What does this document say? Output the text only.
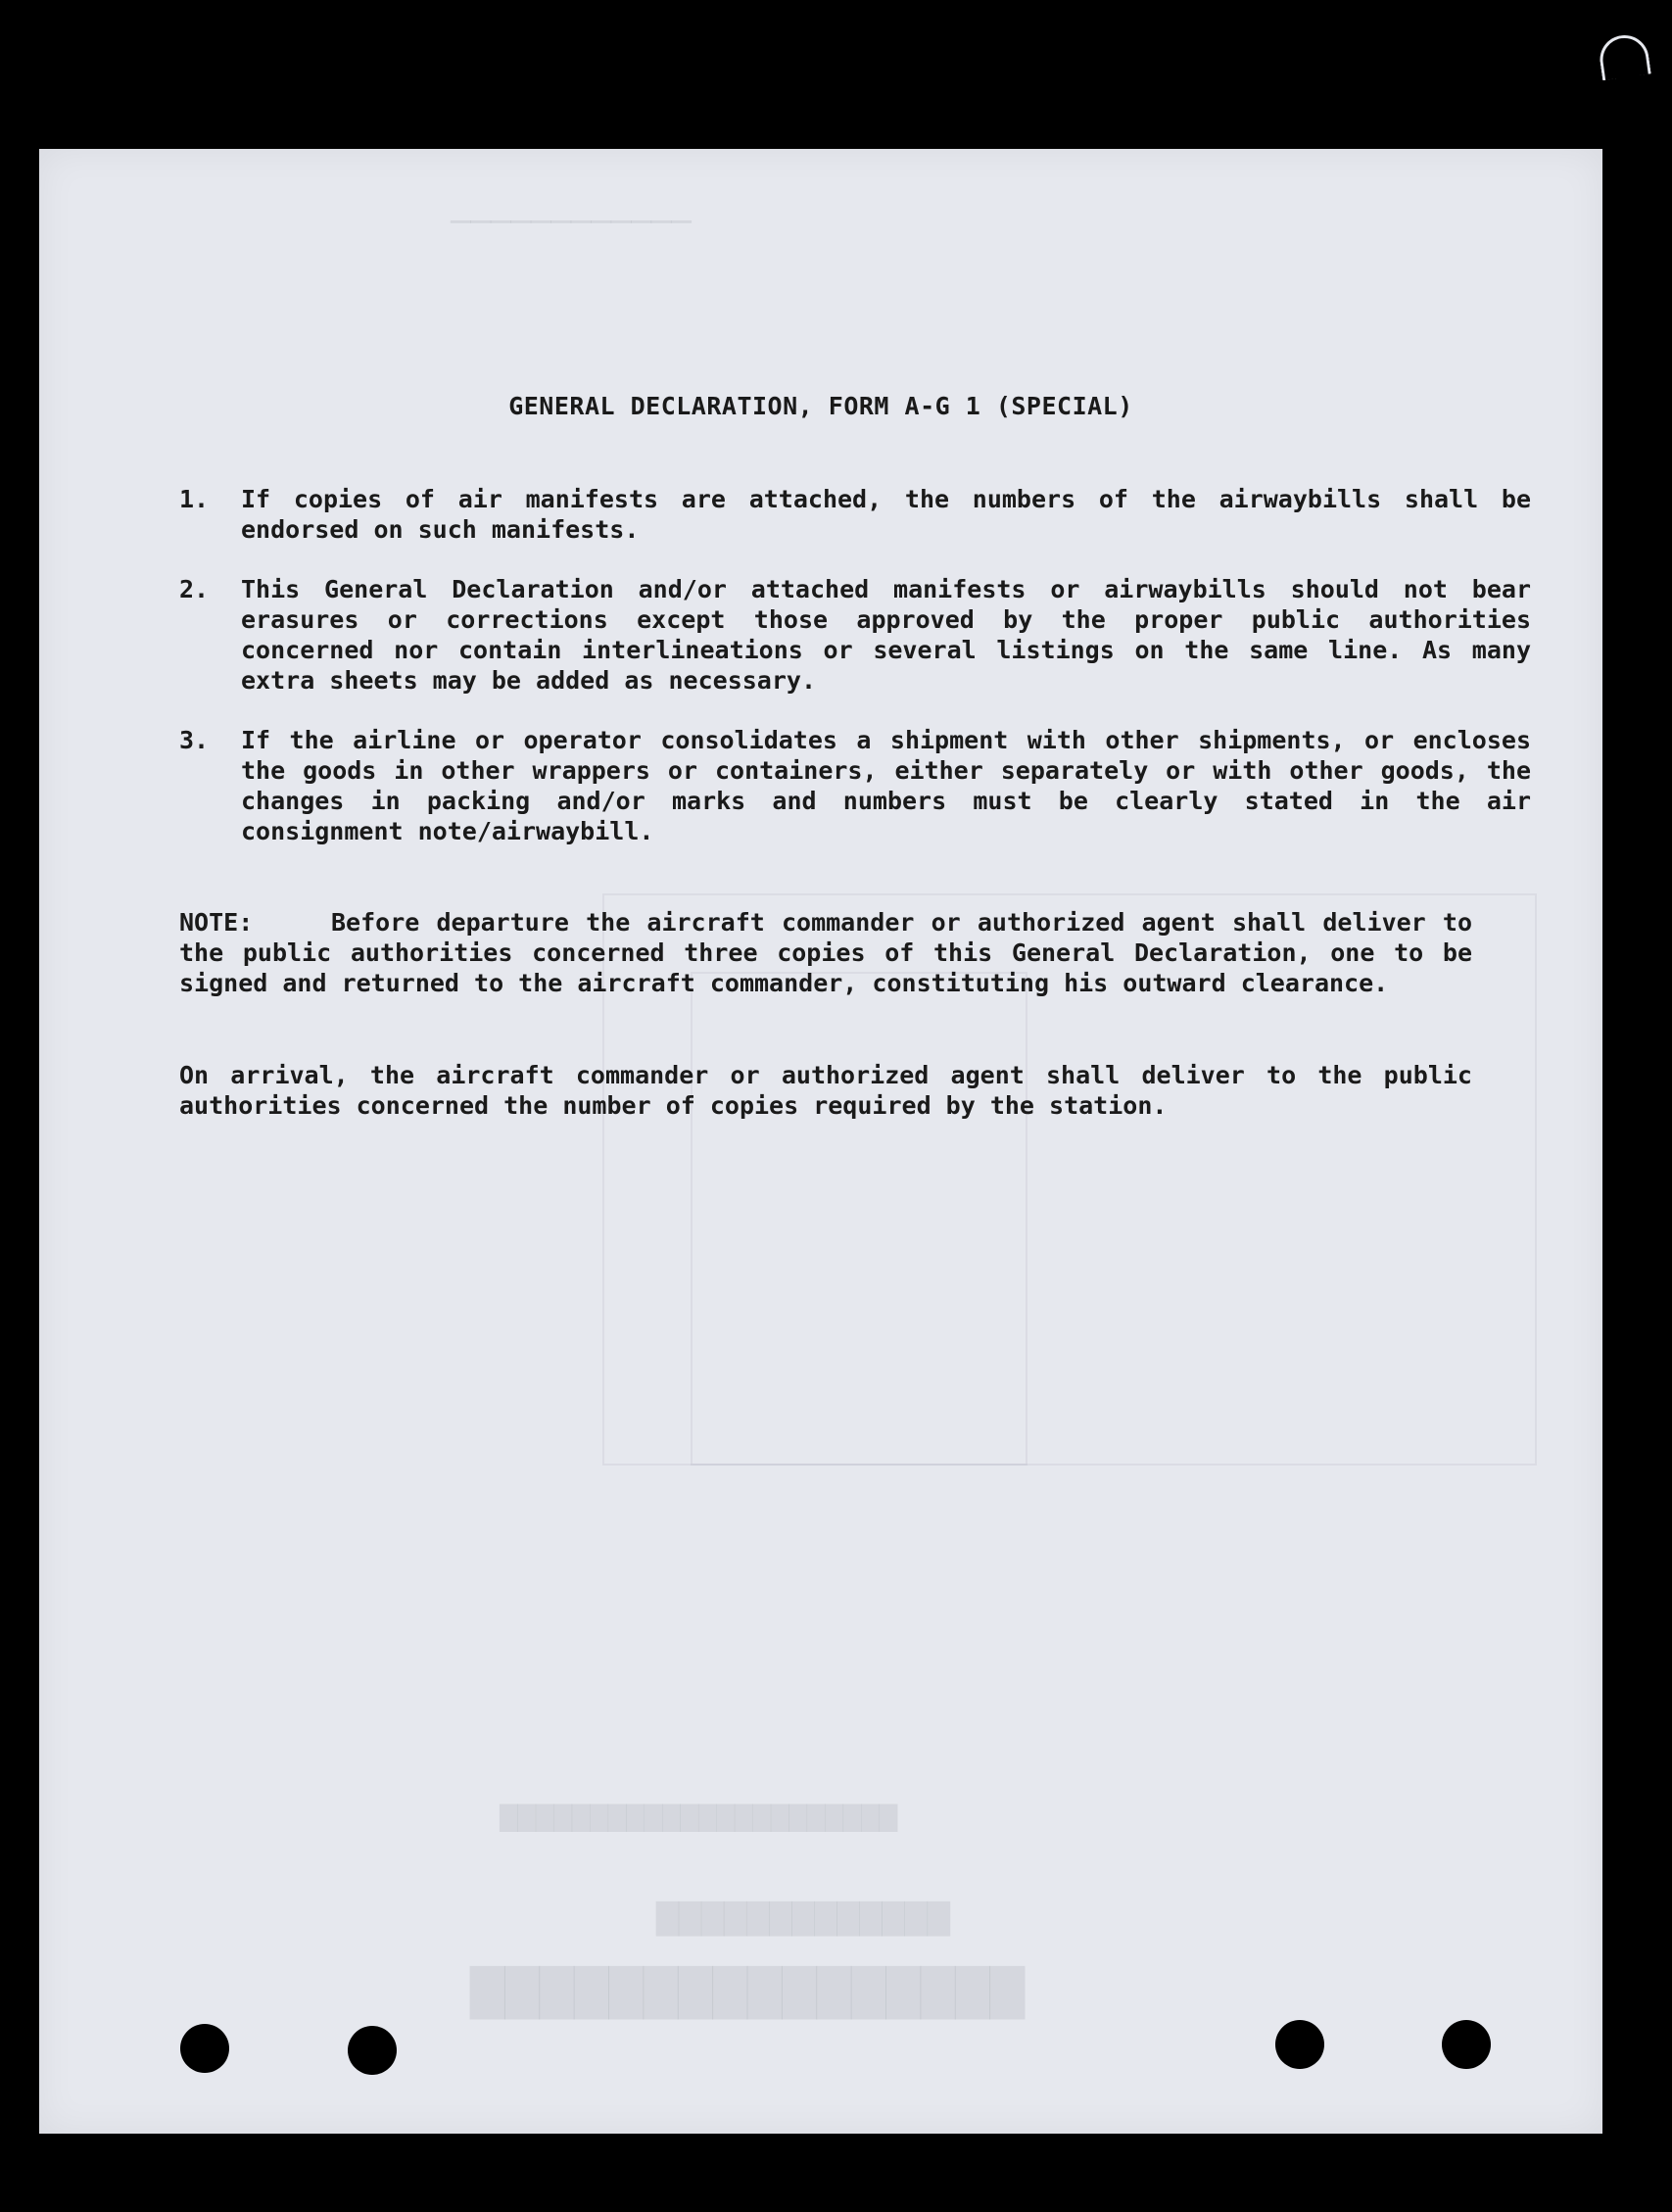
────────────
████████████████
█████████████
██████████████████████
GENERAL DECLARATION, FORM A-G 1 (SPECIAL)
1.	If copies of air manifests are attached, the numbers of the airwaybills shall be endorsed on such manifests.
2.	This General Declaration and/or attached manifests or airwaybills should not bear erasures or corrections except those approved by the proper public authorities concerned nor contain interlineations or several listings on the same line. As many extra sheets may be added as necessary.
3.	If the airline or operator consolidates a shipment with other shipments, or encloses the goods in other wrappers or containers, either separately or with other goods, the changes in packing and/or marks and numbers must be clearly stated in the air consignment note/airwaybill.
NOTE:	Before departure the aircraft commander or authorized agent shall deliver to the public authorities concerned three copies of this General Declaration, one to be signed and returned to the aircraft commander, constituting his outward clearance.
On arrival, the aircraft commander or authorized agent shall deliver to the public authorities concerned the number of copies required by the station.
